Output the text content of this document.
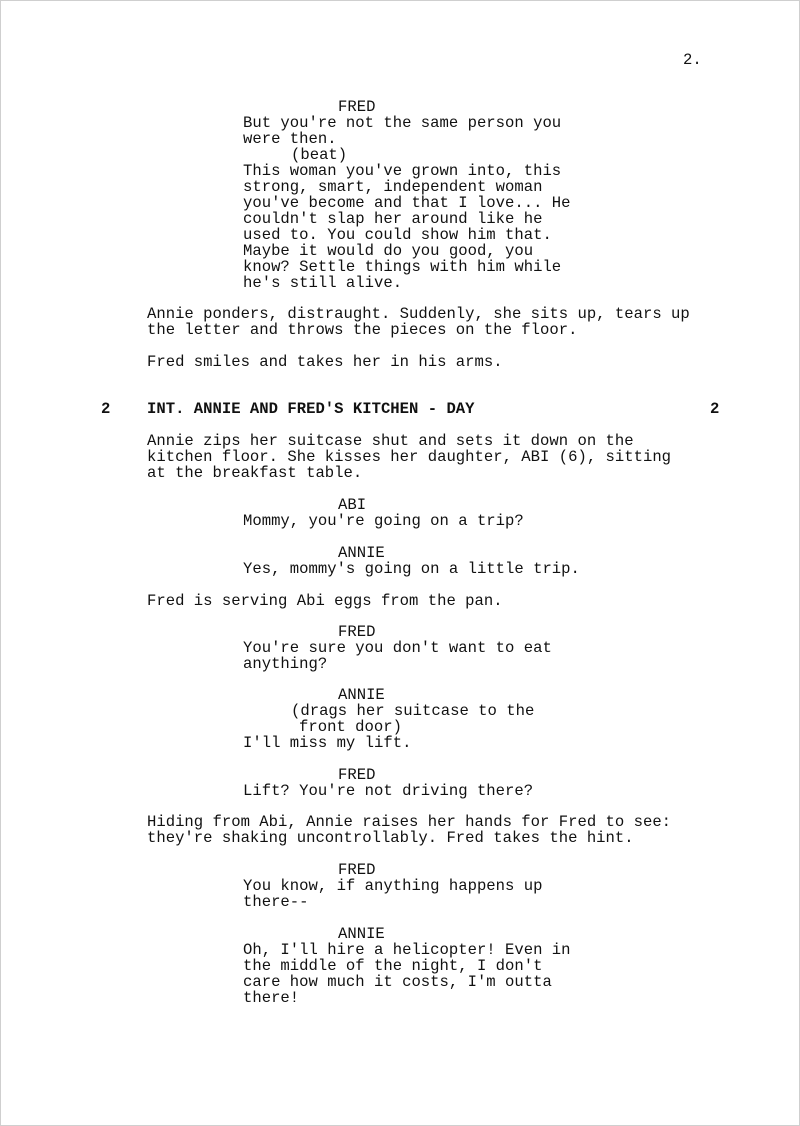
2.
FRED
But you're not the same person you
were then.
(beat)
This woman you've grown into, this
strong, smart, independent woman
you've become and that I love... He
couldn't slap her around like he
used to. You could show him that.
Maybe it would do you good, you
know? Settle things with him while
he's still alive.
Annie ponders, distraught. Suddenly, she sits up, tears up
the letter and throws the pieces on the floor.
Fred smiles and takes her in his arms.
2 INT. ANNIE AND FRED'S KITCHEN - DAY	2
Annie zips her suitcase shut and sets it down on the
kitchen floor. She kisses her daughter, ABI (6), sitting
at the breakfast table.
ABI
Mommy, you're going on a trip?
ANNIE
Yes, mommy's going on a little trip.
Fred is serving Abi eggs from the pan.
FRED
You're sure you don't want to eat
anything?
ANNIE
(drags her suitcase to the
front door)
I'll miss my lift.
FRED
Lift? You're not driving there?
Hiding from Abi, Annie raises her hands for Fred to see:
they're shaking uncontrollably. Fred takes the hint.
FRED
You know, if anything happens up
there--
ANNIE
Oh, I'll hire a helicopter! Even in
the middle of the night, I don't
care how much it costs, I'm outta
there!
